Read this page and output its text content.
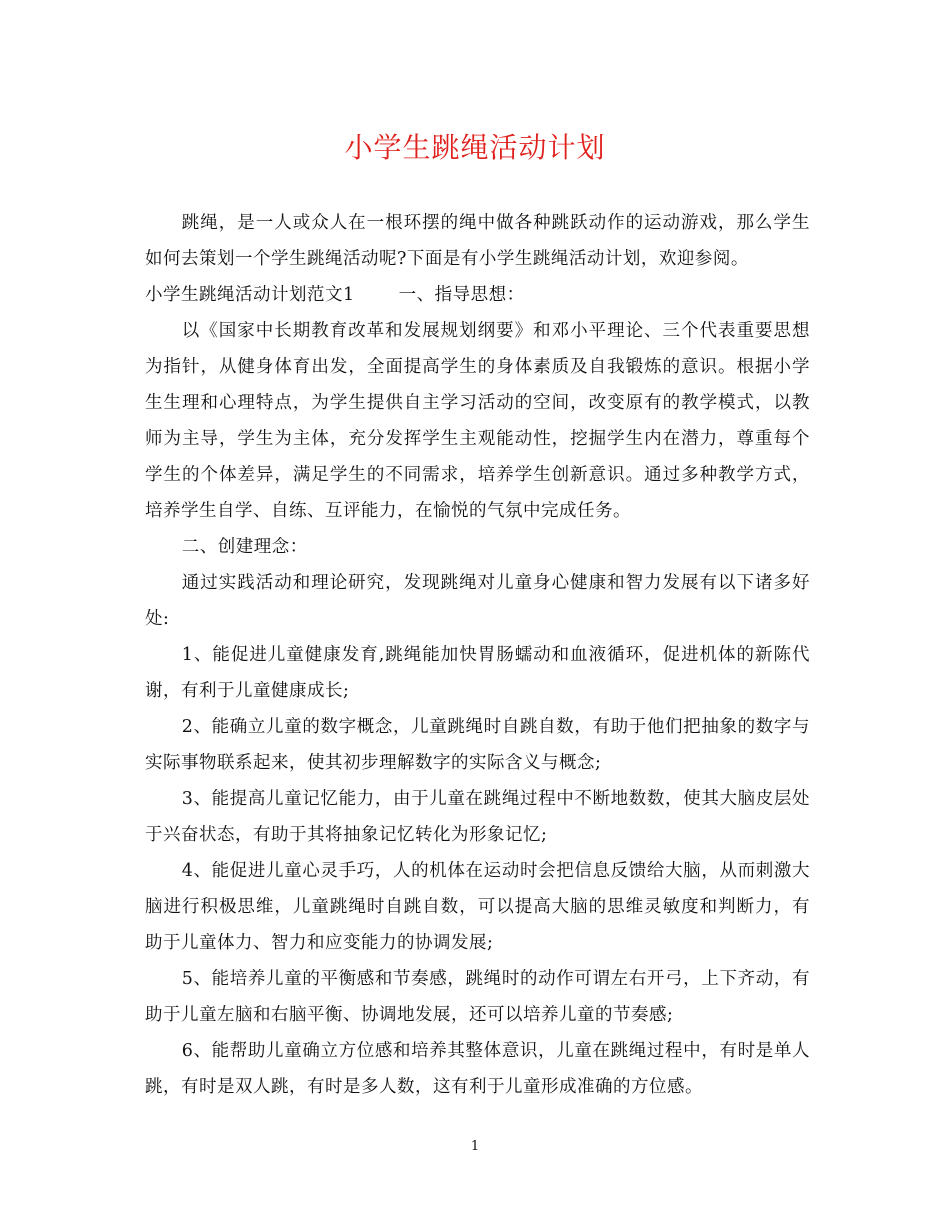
小学生跳绳活动计划

跳绳，是一人或众人在一根环摆的绳中做各种跳跃动作的运动游戏，那么学生如何去策划一个学生跳绳活动呢?下面是有小学生跳绳活动计划，欢迎参阅。

小学生跳绳活动计划范文1	一、指导思想：

以《国家中长期教育改革和发展规划纲要》和邓小平理论、三个代表重要思想为指针，从健身体育出发，全面提高学生的身体素质及自我锻炼的意识。根据小学生生理和心理特点，为学生提供自主学习活动的空间，改变原有的教学模式，以教师为主导，学生为主体，充分发挥学生主观能动性，挖掘学生内在潜力，尊重每个学生的个体差异，满足学生的不同需求，培养学生创新意识。通过多种教学方式，培养学生自学、自练、互评能力，在愉悦的气氛中完成任务。

二、创建理念：

通过实践活动和理论研究，发现跳绳对儿童身心健康和智力发展有以下诸多好处:

1、能促进儿童健康发育,跳绳能加快胃肠蠕动和血液循环，促进机体的新陈代谢，有利于儿童健康成长;

2、能确立儿童的数字概念，儿童跳绳时自跳自数，有助于他们把抽象的数字与实际事物联系起来，使其初步理解数字的实际含义与概念;

3、能提高儿童记忆能力，由于儿童在跳绳过程中不断地数数，使其大脑皮层处于兴奋状态，有助于其将抽象记忆转化为形象记忆;

4、能促进儿童心灵手巧，人的机体在运动时会把信息反馈给大脑，从而刺激大脑进行积极思维，儿童跳绳时自跳自数，可以提高大脑的思维灵敏度和判断力，有助于儿童体力、智力和应变能力的协调发展;

5、能培养儿童的平衡感和节奏感，跳绳时的动作可谓左右开弓，上下齐动，有助于儿童左脑和右脑平衡、协调地发展，还可以培养儿童的节奏感;

6、能帮助儿童确立方位感和培养其整体意识，儿童在跳绳过程中，有时是单人跳，有时是双人跳，有时是多人数，这有利于儿童形成准确的方位感。

1
